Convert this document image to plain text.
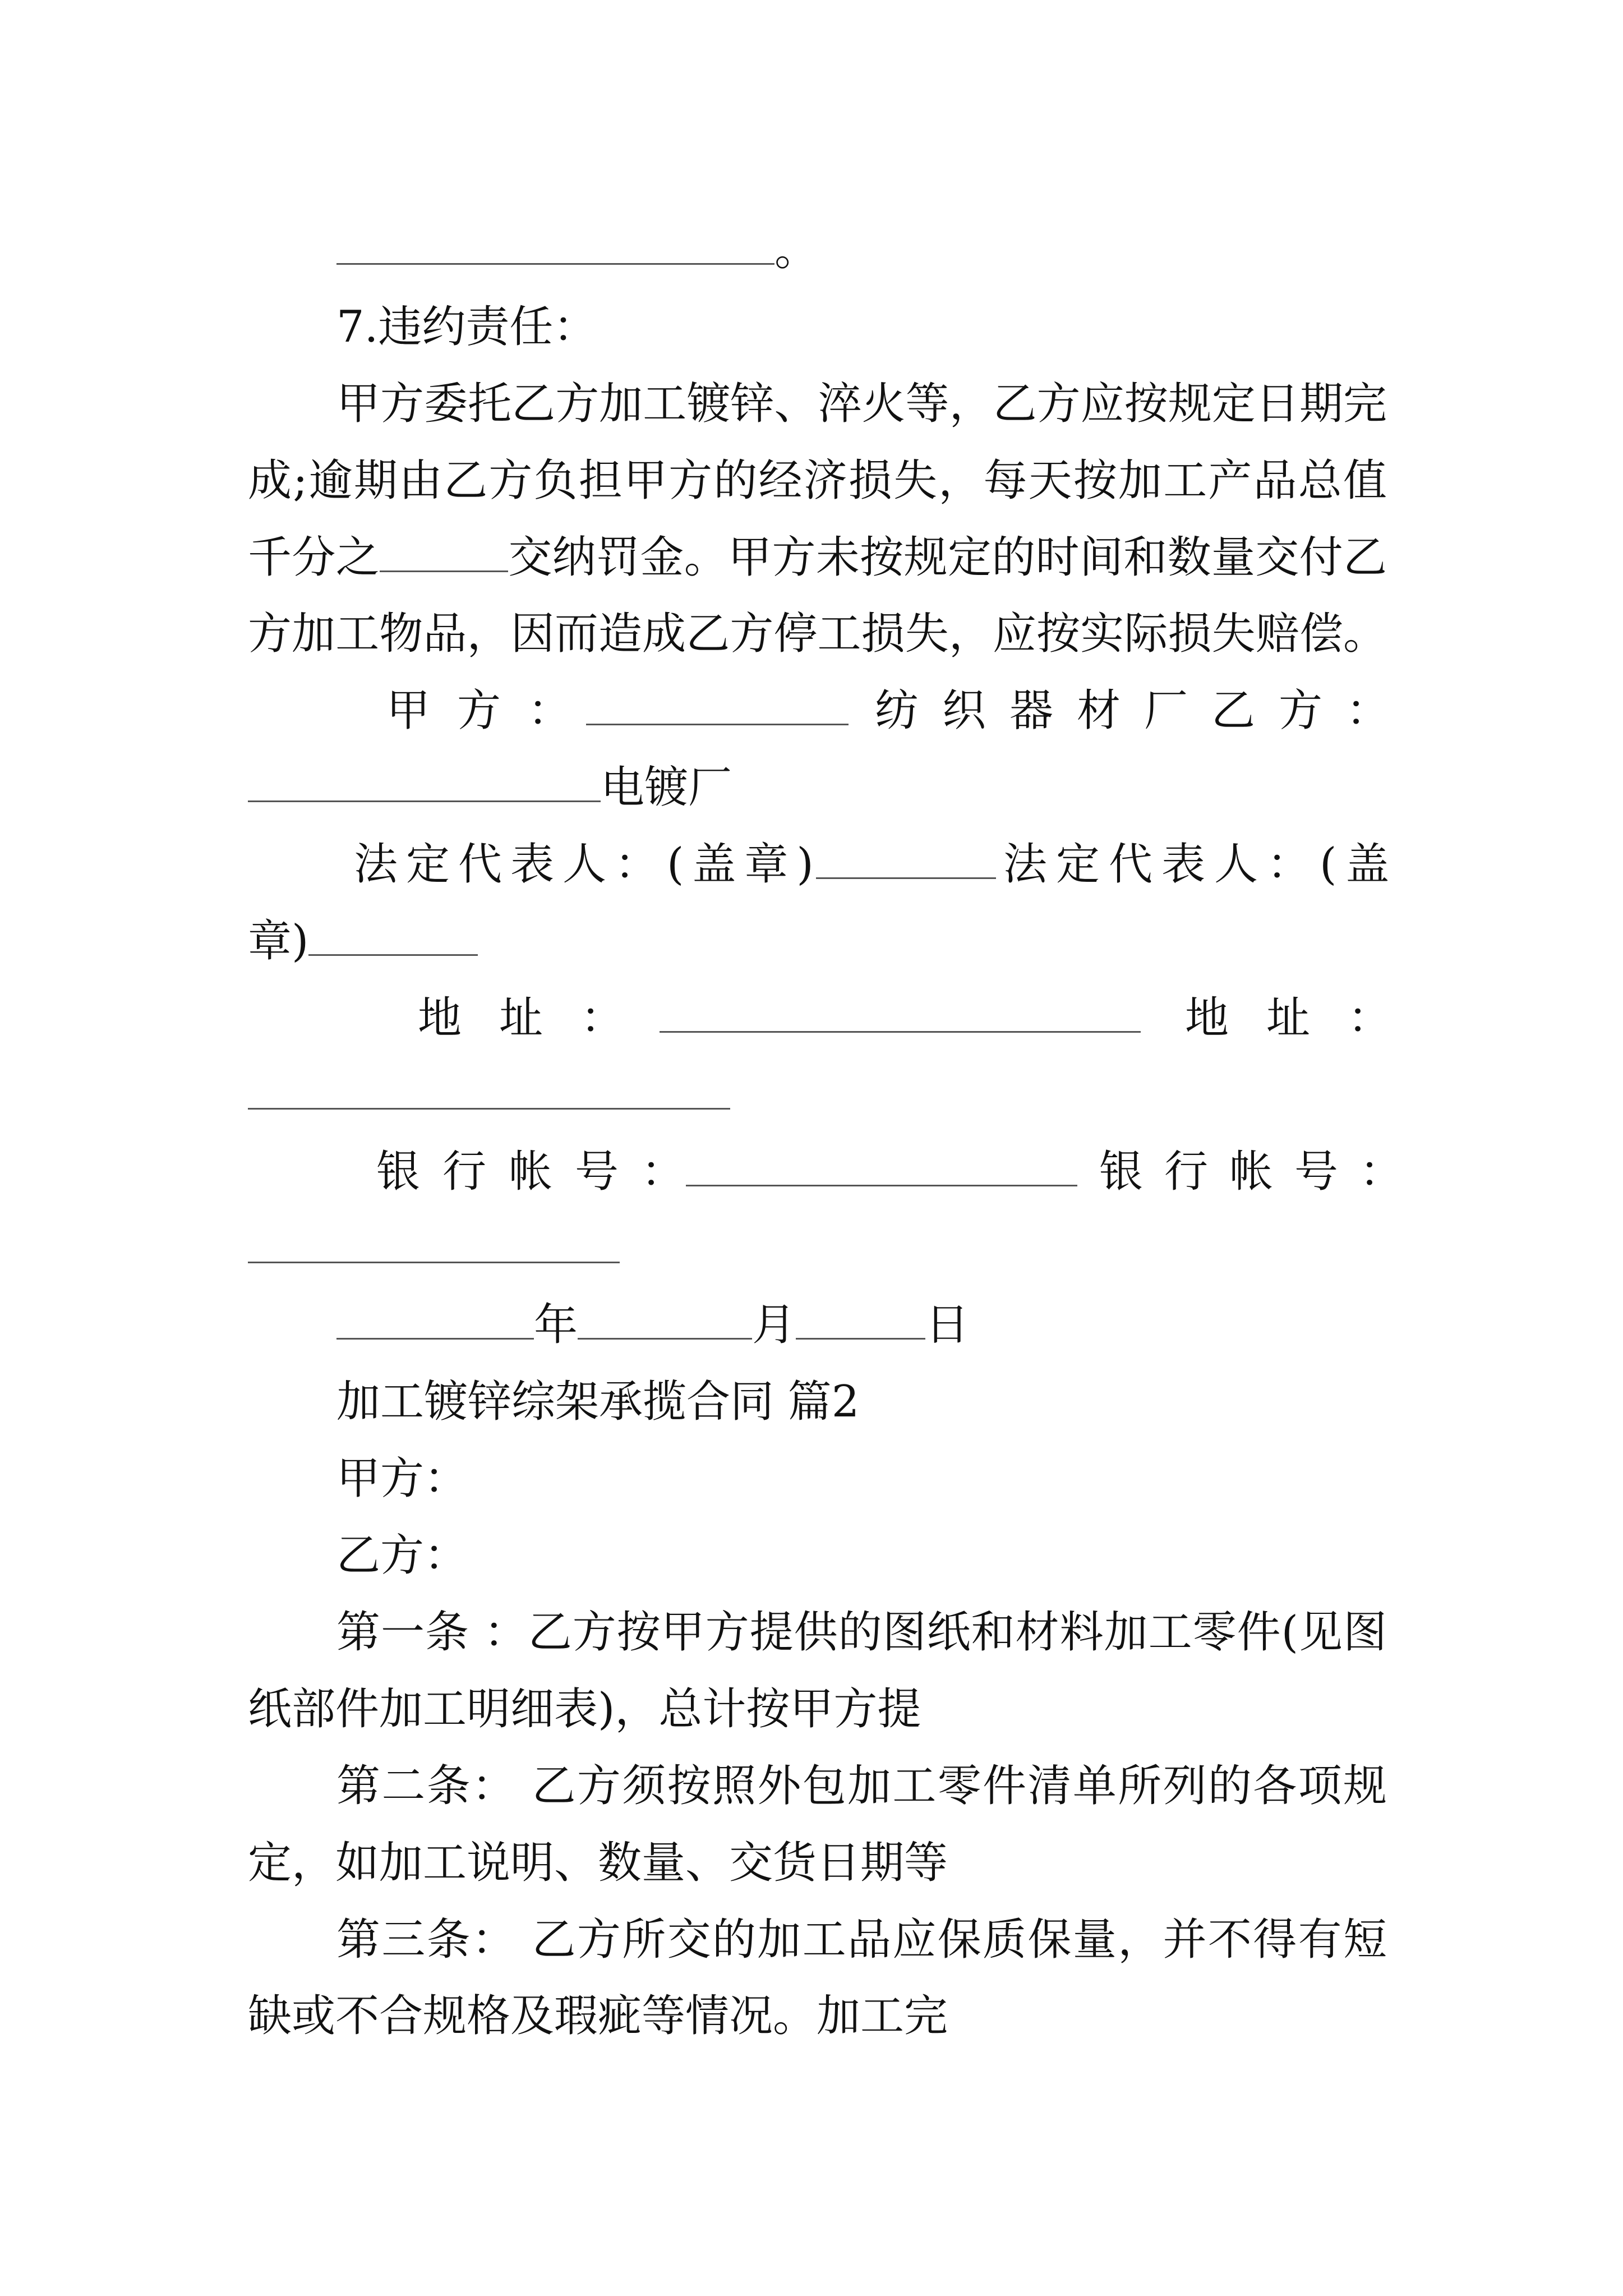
。
7.违约责任：
甲方委托乙方加工镀锌、淬火等，乙方应按规定日期完
成;逾期由乙方负担甲方的经济损失，每天按加工产品总值
千分之	交纳罚金。甲方未按规定的时间和数量交付乙
方加工物品，因而造成乙方停工损失，应按实际损失赔偿。
甲方：	纺织器材厂乙方：
电镀厂
法定代表人：(盖章)	法定代表人：(盖
章)
地址：	地址：
银行帐号：	银行帐号：
年	月	日
加工镀锌综架承揽合同 篇2
甲方：
乙方：
第一条 ：乙方按甲方提供的图纸和材料加工零件(见图
纸部件加工明细表)，总计按甲方提
第二条： 乙方须按照外包加工零件清单所列的各项规
定，如加工说明、数量、交货日期等
第三条： 乙方所交的加工品应保质保量，并不得有短
缺或不合规格及瑕疵等情况。加工完
